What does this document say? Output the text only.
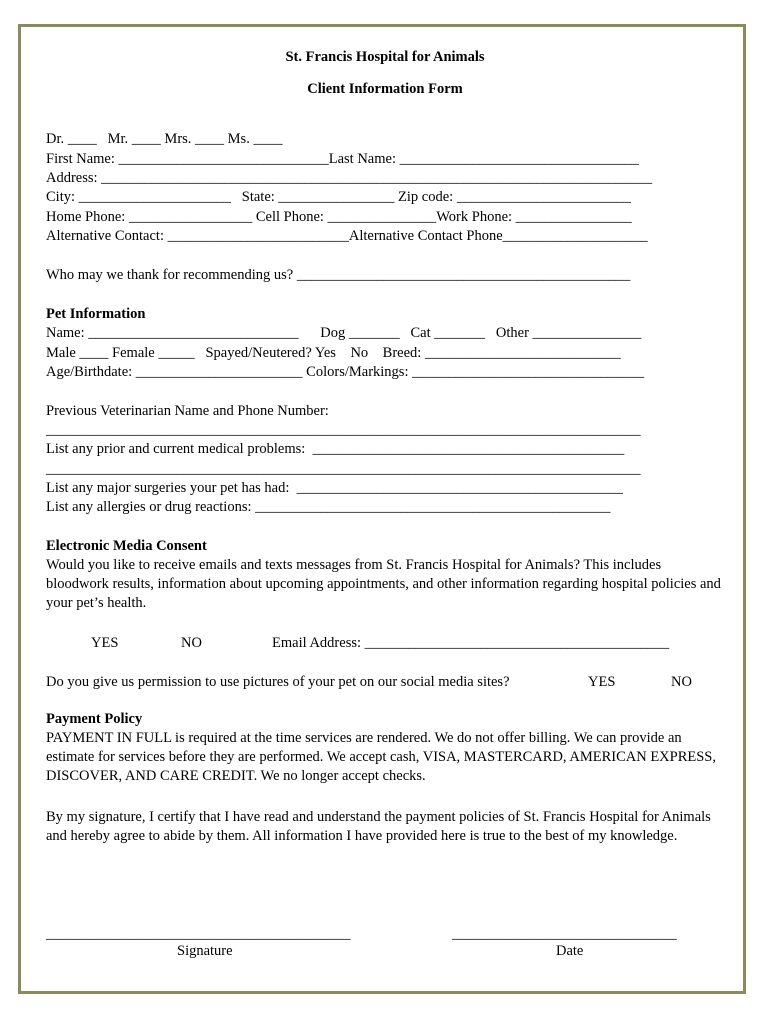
St. Francis Hospital for Animals
Client Information Form
Dr. ____   Mr. ____ Mrs. ____ Ms. ____
First Name: _____________________________Last Name: _________________________________
Address: ____________________________________________________________________________
City: _____________________   State: ________________ Zip code: ________________________
Home Phone: _________________ Cell Phone: _______________Work Phone: ________________
Alternative Contact: _________________________Alternative Contact Phone____________________
Who may we thank for recommending us? ______________________________________________
Pet Information
Name: _____________________________      Dog _______   Cat _______   Other _______________
Male ____ Female _____   Spayed/Neutered? Yes    No    Breed: ___________________________
Age/Birthdate: _______________________ Colors/Markings: ________________________________
Previous Veterinarian Name and Phone Number:
__________________________________________________________________________________
List any prior and current medical problems:  ___________________________________________
__________________________________________________________________________________
List any major surgeries your pet has had:  _____________________________________________
List any allergies or drug reactions: _________________________________________________
Electronic Media Consent
Would you like to receive emails and texts messages from St. Francis Hospital for Animals? This includes bloodwork results, information about upcoming appointments, and other information regarding hospital policies and your pet’s health.
YES	NO	Email Address: __________________________________________
Do you give us permission to use pictures of your pet on our social media sites?	YES	NO
Payment Policy
PAYMENT IN FULL is required at the time services are rendered. We do not offer billing. We can provide an estimate for services before they are performed. We accept cash, VISA, MASTERCARD, AMERICAN EXPRESS, DISCOVER, AND CARE CREDIT. We no longer accept checks.
By my signature, I certify that I have read and understand the payment policies of St. Francis Hospital for Animals and hereby agree to abide by them. All information I have provided here is true to the best of my knowledge.
__________________________________________
Signature
_______________________________
Date
